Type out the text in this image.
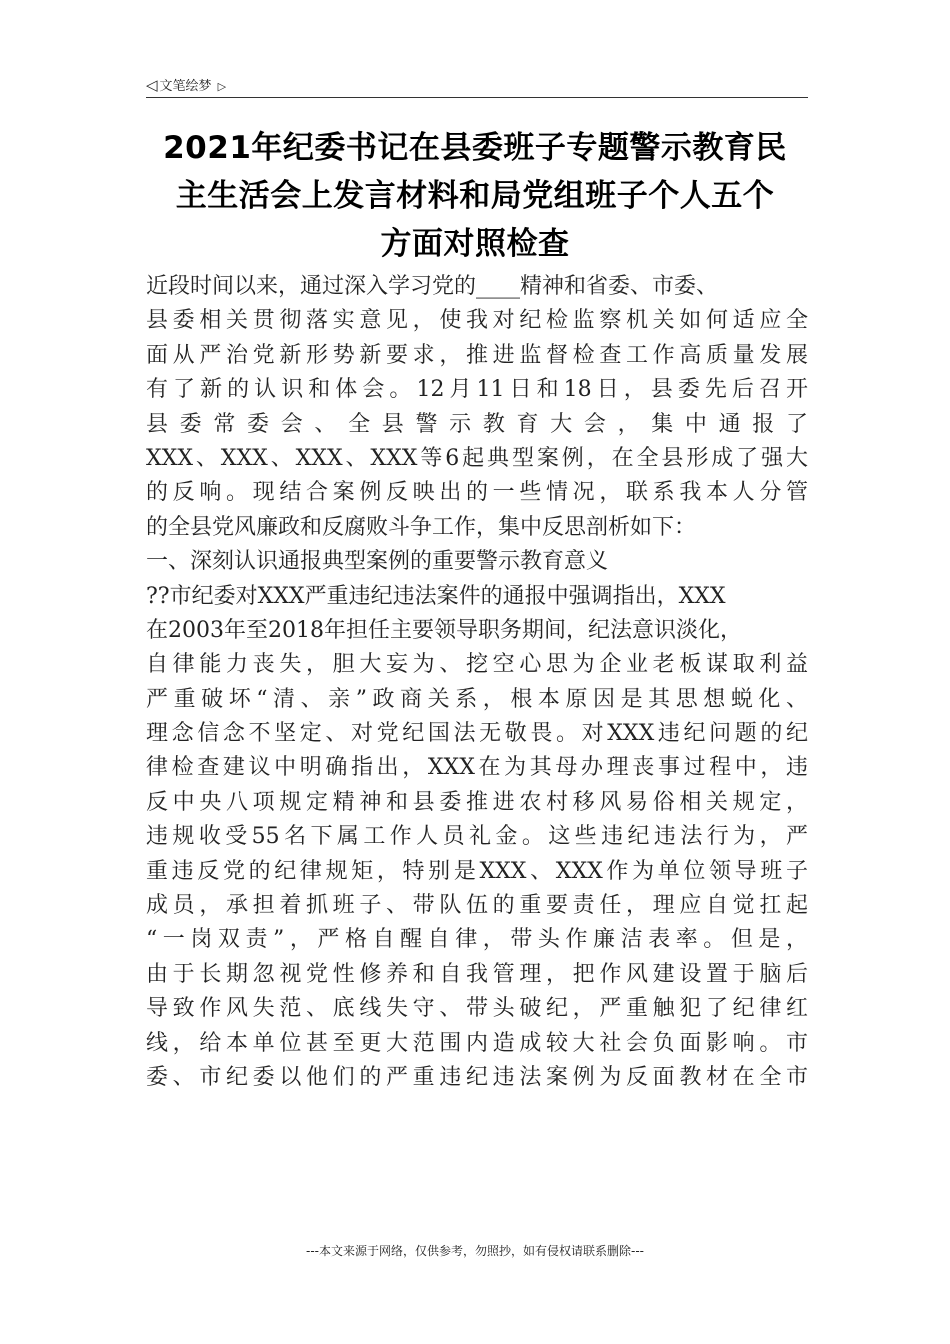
◁ 文笔绘梦 ▷
2021年纪委书记在县委班子专题警示教育民
主生活会上发言材料和局党组班子个人五个
方面对照检查
近段时间以来，通过深入学习党的____精神和省委、市委、
县委相关贯彻落实意见，使我对纪检监察机关如何适应全
面从严治党新形势新要求，推进监督检查工作高质量发展
有了新的认识和体会。12月11日和18日，县委先后召开
县委常委会、全县警示教育大会，集中通报了
XXX、XXX、XXX、XXX等6起典型案例，在全县形成了强大
的反响。现结合案例反映出的一些情况，联系我本人分管
的全县党风廉政和反腐败斗争工作，集中反思剖析如下：
一、深刻认识通报典型案例的重要警示教育意义
??市纪委对XXX严重违纪违法案件的通报中强调指出，XXX
在2003年至2018年担任主要领导职务期间，纪法意识淡化，
自律能力丧失，胆大妄为、挖空心思为企业老板谋取利益
严重破坏“清、亲”政商关系，根本原因是其思想蜕化、
理念信念不坚定、对党纪国法无敬畏。对XXX违纪问题的纪
律检查建议中明确指出，XXX在为其母办理丧事过程中，违
反中央八项规定精神和县委推进农村移风易俗相关规定，
违规收受55名下属工作人员礼金。这些违纪违法行为，严
重违反党的纪律规矩，特别是XXX、XXX作为单位领导班子
成员，承担着抓班子、带队伍的重要责任，理应自觉扛起
“一岗双责”，严格自醒自律，带头作廉洁表率。但是，
由于长期忽视党性修养和自我管理，把作风建设置于脑后
导致作风失范、底线失守、带头破纪，严重触犯了纪律红
线，给本单位甚至更大范围内造成较大社会负面影响。市
委、市纪委以他们的严重违纪违法案例为反面教材在全市
---本文来源于网络，仅供参考，勿照抄，如有侵权请联系删除---
